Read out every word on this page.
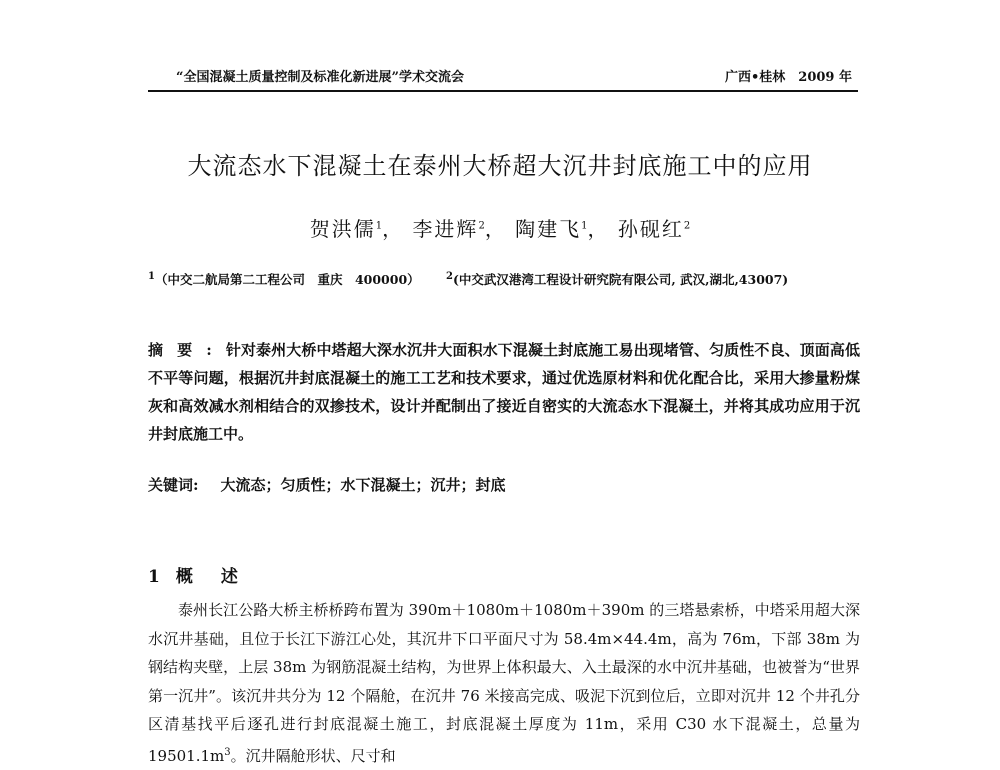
“全国混凝土质量控制及标准化新进展”学术交流会	广西•桂林　2009 年
大流态水下混凝土在泰州大桥超大沉井封底施工中的应用
贺洪儒$^1$， 李进辉$^2$， 陶建飞$^1$， 孙砚红$^2$
$^1$（中交二航局第二工程公司　重庆　400000）	$^2$(中交武汉港湾工程设计研究院有限公司, 武汉,湖北,43007)
摘要:针对泰州大桥中塔超大深水沉井大面积水下混凝土封底施工易出现堵管、匀质性不良、顶面高低不平等问题，根据沉井封底混凝土的施工工艺和技术要求，通过优选原材料和优化配合比，采用大掺量粉煤灰和高效减水剂相结合的双掺技术，设计并配制出了接近自密实的大流态水下混凝土，并将其成功应用于沉井封底施工中。
关键词: 大流态；匀质性；水下混凝土；沉井；封底
1 概述

泰州长江公路大桥主桥桥跨布置为 390m＋1080m＋1080m＋390m 的三塔悬索桥，中塔采用超大深水沉井基础，且位于长江下游江心处，其沉井下口平面尺寸为 58.4m×44.4m，高为 76m，下部 38m 为钢结构夹壁，上层 38m 为钢筋混凝土结构，为世界上体积最大、入土最深的水中沉井基础，也被誉为“世界第一沉井”。该沉井共分为 12 个隔舱，在沉井 76 米接高完成、吸泥下沉到位后，立即对沉井 12 个井孔分区清基找平后逐孔进行封底混凝土施工，封底混凝土厚度为 11m，采用 C30 水下混凝土，总量为 $19501.1m^3$。沉井隔舱形状、尺寸和
